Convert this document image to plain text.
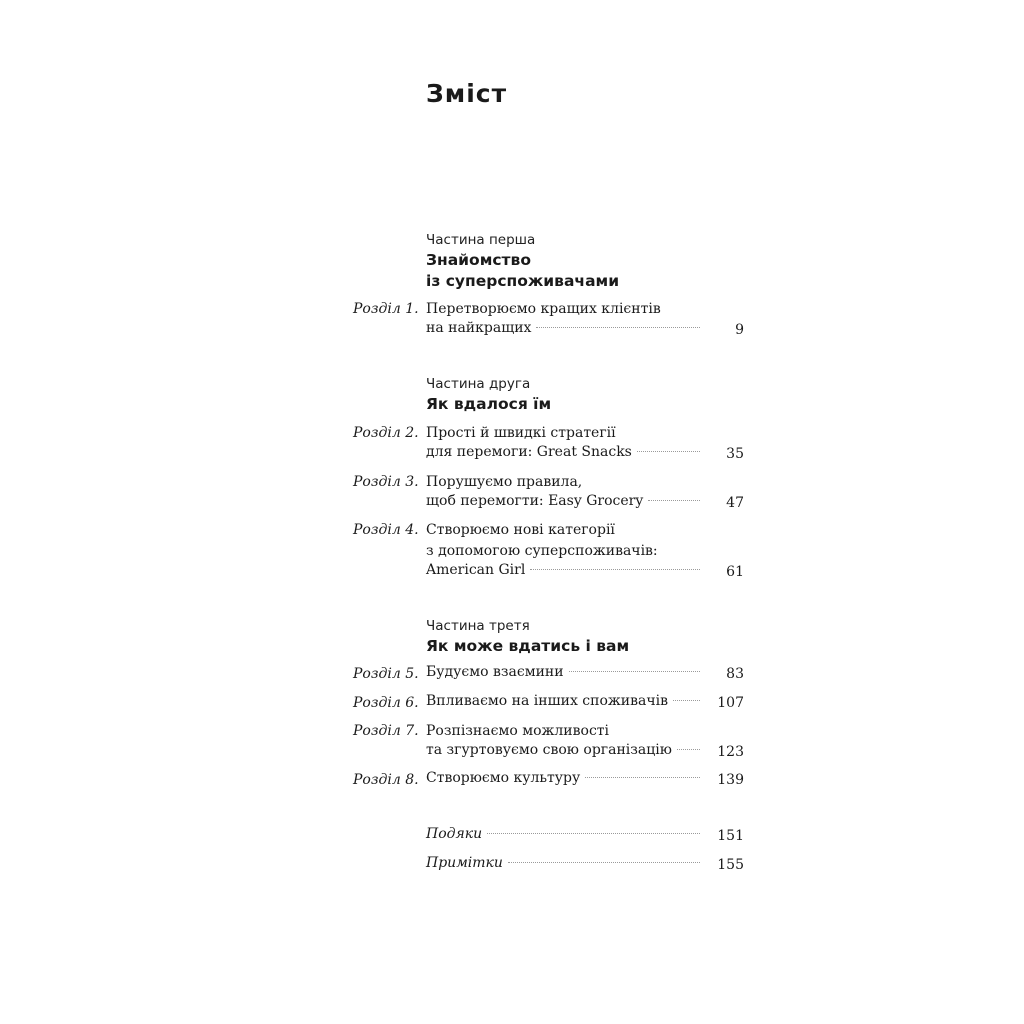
Зміст
Частина перша
Знайомство
із суперспоживачами
Розділ 1. Перетворюємо кращих клієнтів
на найкращих	9
Частина друга
Як вдалося їм
Розділ 2. Прості й швидкі стратегії
для перемоги: Great Snacks	35
Розділ 3. Порушуємо правила,
щоб перемогти: Easy Grocery	47
Розділ 4. Створюємо нові категорії
з допомогою суперспоживачів:
American Girl	61
Частина третя
Як може вдатись і вам
Розділ 5. Будуємо взаємини	83
Розділ 6. Впливаємо на інших споживачів	107
Розділ 7. Розпізнаємо можливості
та згуртовуємо свою організацію	123
Розділ 8. Створюємо культуру	139
Подяки	151
Примітки	155
